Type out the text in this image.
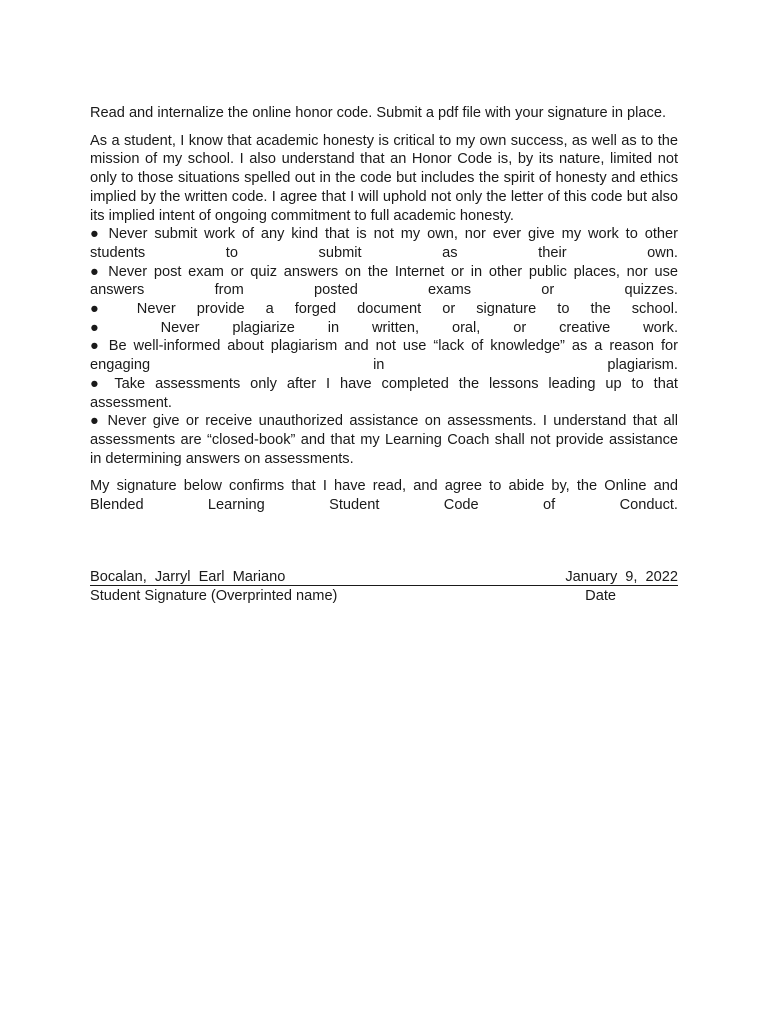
Read and internalize the online honor code. Submit a pdf file with your signature in place.

As a student, I know that academic honesty is critical to my own success, as well as to the mission of my school. I also understand that an Honor Code is, by its nature, limited not only to those situations spelled out in the code but includes the spirit of honesty and ethics implied by the written code. I agree that I will uphold not only the letter of this code but also its implied intent of ongoing commitment to full academic honesty.

● Never submit work of any kind that is not my own, nor ever give my work to other
students to submit as their own.
● Never post exam or quiz answers on the Internet or in other public places, nor use
answers from posted exams or quizzes.
● Never provide a forged document or signature to the school.
● Never plagiarize in written, oral, or creative work.
● Be well-informed about plagiarism and not use “lack of knowledge” as a reason for
engaging in plagiarism.
● Take assessments only after I have completed the lessons leading up to that
assessment.

● Never give or receive unauthorized assistance on assessments. I understand that all assessments are “closed-book” and that my Learning Coach shall not provide assistance in determining answers on assessments.

My signature below confirms that I have read, and agree to abide by, the Online and
Blended Learning Student Code of Conduct.
Bocalan, Jarryl Earl Mariano	January 9, 2022
Student Signature (Overprinted name)	Date
